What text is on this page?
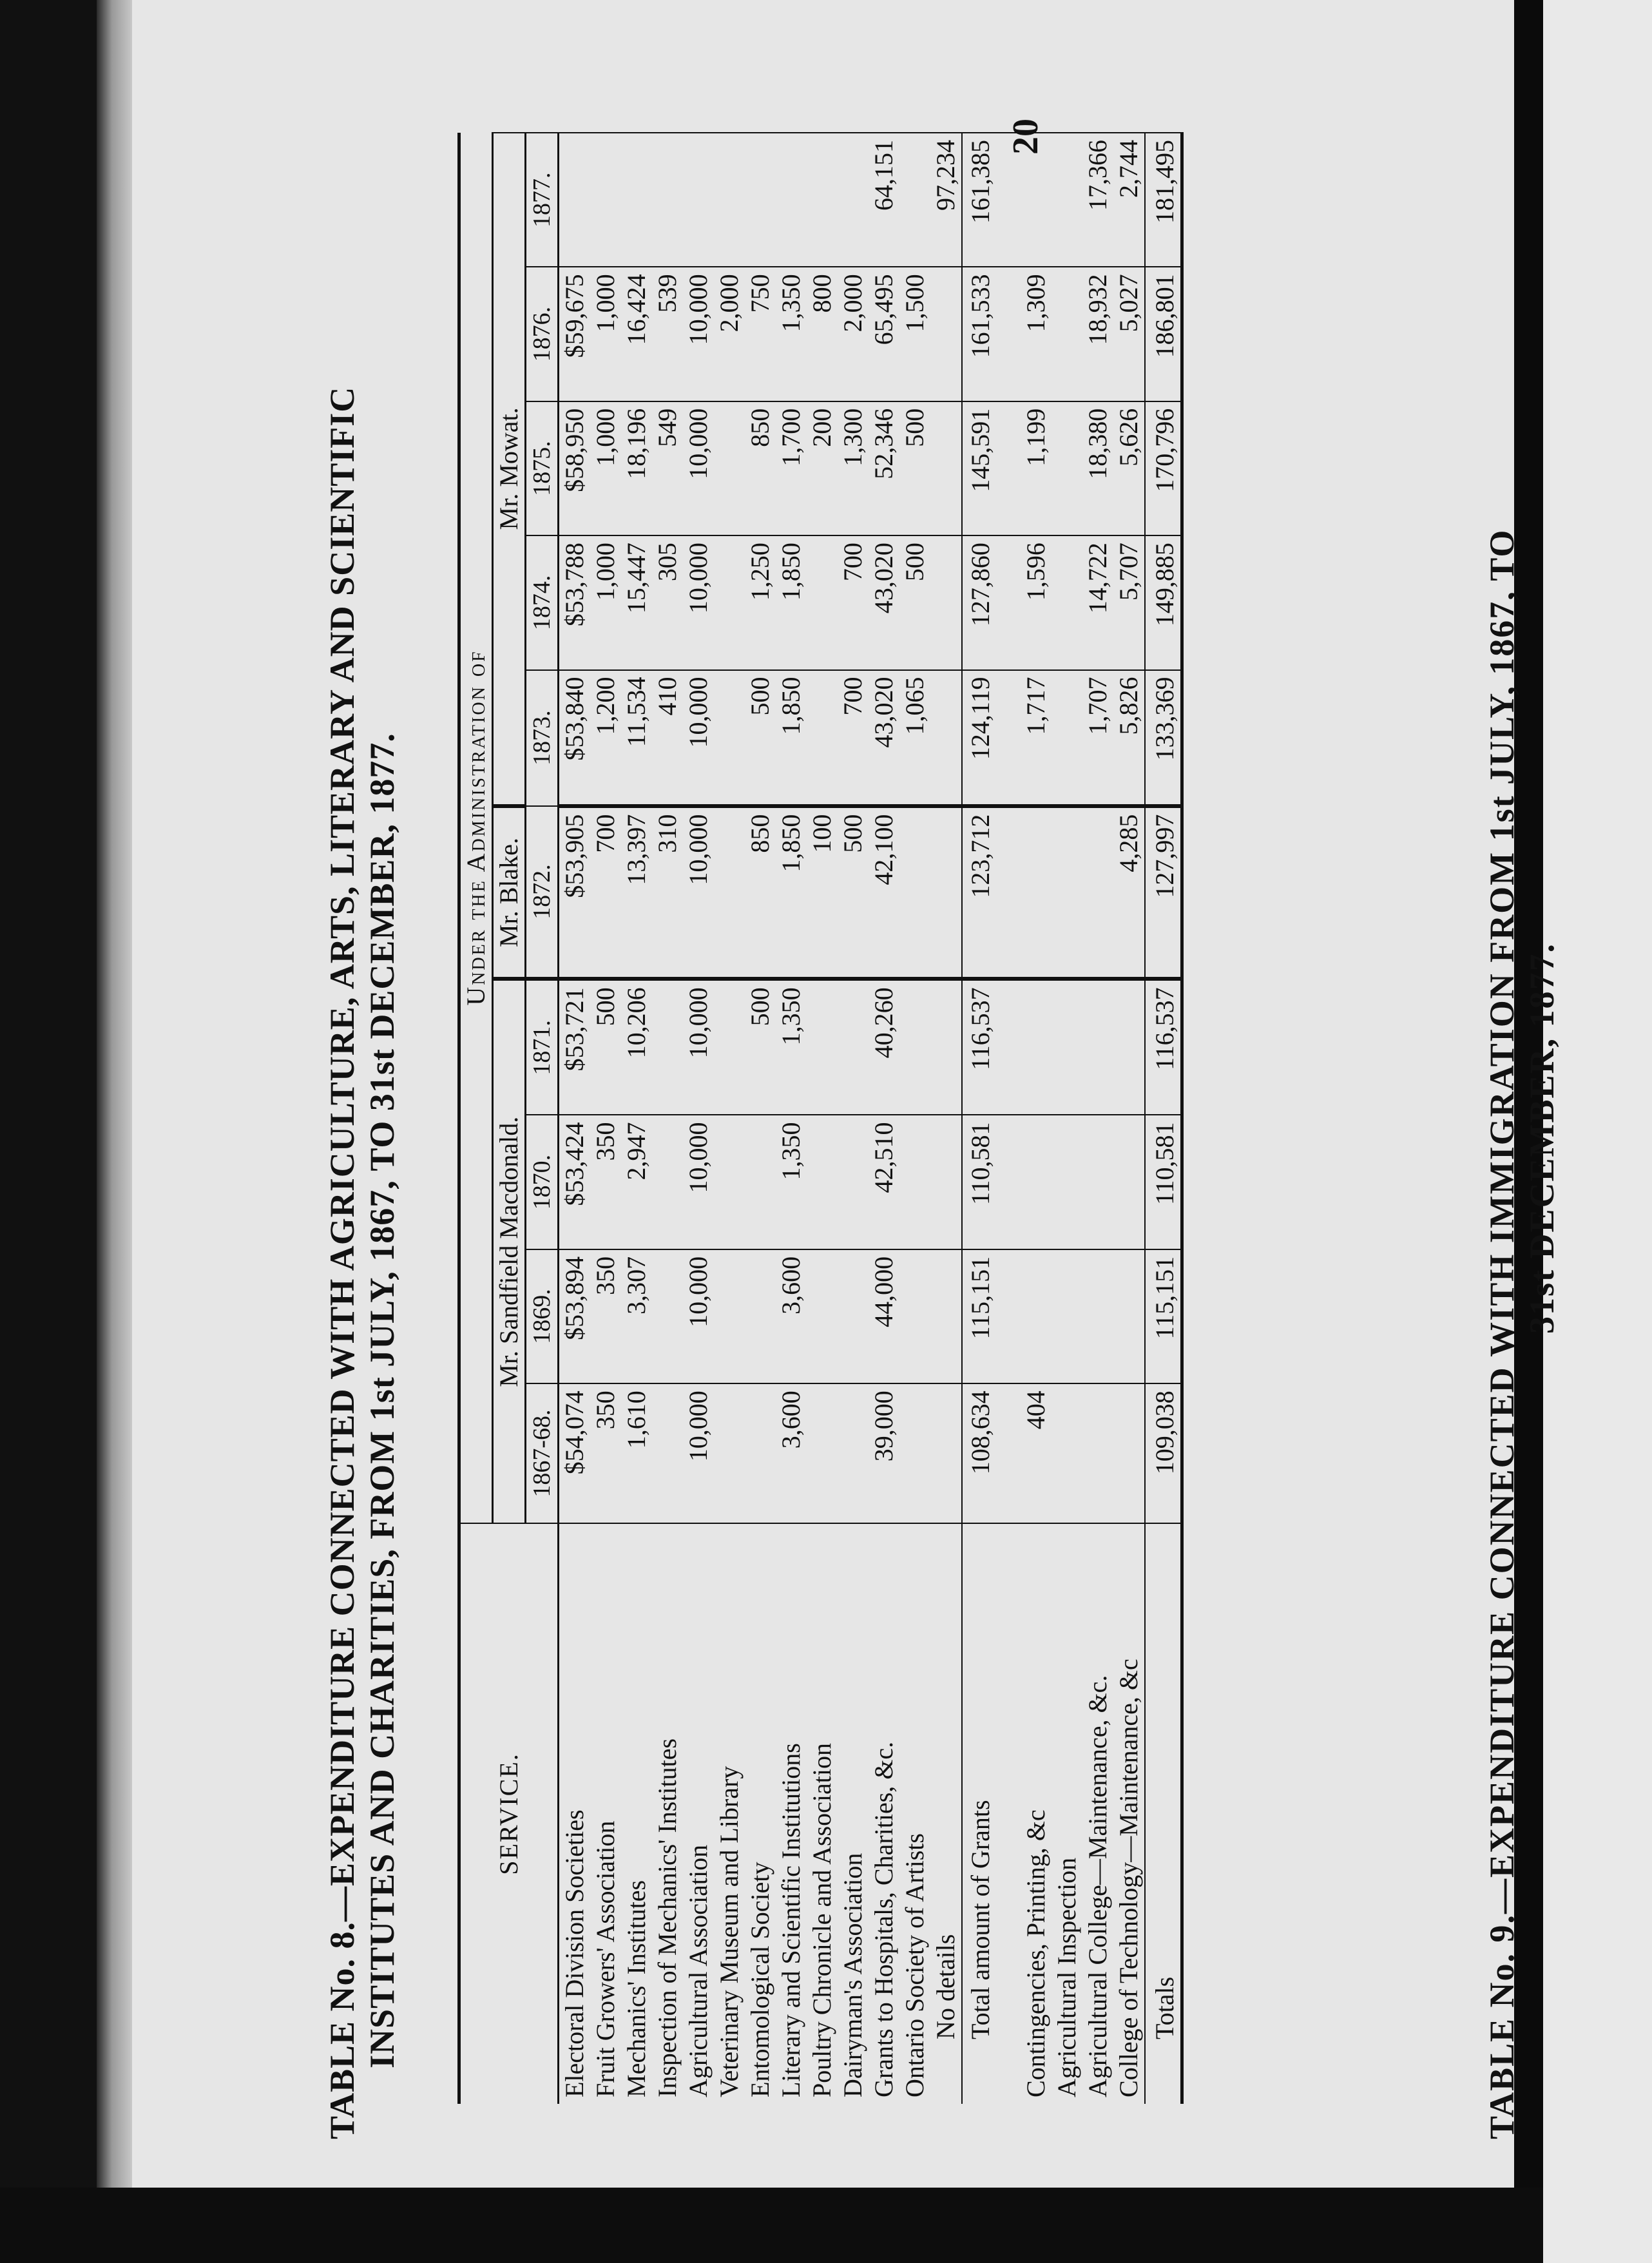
TABLE No. 8.—EXPENDITURE CONNECTED WITH AGRICULTURE, ARTS, LITERARY AND SCIENTIFIC INSTITUTES AND CHARITIES, FROM 1st JULY, 1867, TO 31st DECEMBER, 1877.
20
SERVICE.	Under the Administration of									
	Mr. Sandfield Macdonald.				Mr. Blake.	Mr. Mowat.				
	1867-68.	1869.	1870.	1871.	1872.	1873.	1874.	1875.	1876.	1877.
Electoral Division Societies	$54,074	$53,894	$53,424	$53,721	$53,905	$53,840	$53,788	$58,950	$59,675	
Fruit Growers' Association	350	350	350	500	700	1,200	1,000	1,000	1,000	
Mechanics' Institutes	1,610	3,307	2,947	10,206	13,397	11,534	15,447	18,196	16,424	
Inspection of Mechanics' Institutes					310	410	305	549	539	
Agricultural Association	10,000	10,000	10,000	10,000	10,000	10,000	10,000	10,000	10,000	
Veterinary Museum and Library									2,000	
Entomological Society				500	850	500	1,250	850	750	
Literary and Scientific Institutions	3,600	3,600	1,350	1,350	1,850	1,850	1,850	1,700	1,350	
Poultry Chronicle and Association					100			200	800	
Dairyman's Association					500	700	700	1,300	2,000	
Grants to Hospitals, Charities, &c.	39,000	44,000	42,510	40,260	42,100	43,020	43,020	52,346	65,495	64,151
Ontario Society of Artists						1,065	500	500	1,500	
No details										97,234
Total amount of Grants	108,634	115,151	110,581	116,537	123,712	124,119	127,860	145,591	161,533	161,385

Contingencies, Printing, &c	404					1,717	1,596	1,199	1,309	
Agricultural Inspection										
Agricultural College—Maintenance, &c.						1,707	14,722	18,380	18,932	17,366
College of Technology—Maintenance, &c					4,285	5,826	5,707	5,626	5,027	2,744
Totals	109,038	115,151	110,581	116,537	127,997	133,369	149,885	170,796	186,801	181,495
TABLE No. 9.—EXPENDITURE CONNECTED WITH IMMIGRATION FROM 1st JULY, 1867, TO 31st DECEMBER, 1877.
